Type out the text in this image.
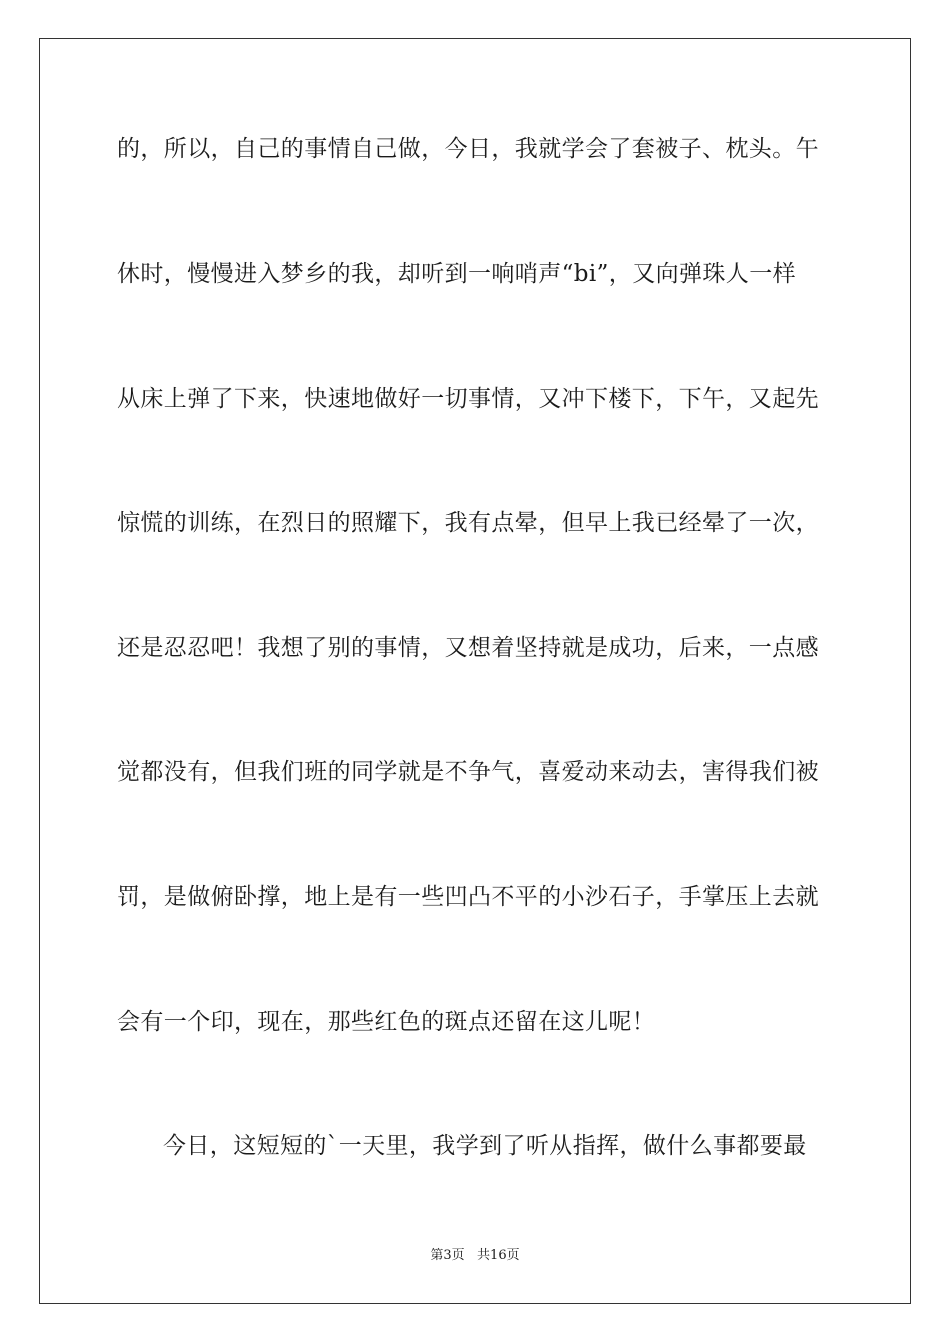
的，所以，自己的事情自己做，今日，我就学会了套被子、枕头。午
休时，慢慢进入梦乡的我，却听到一响哨声“bi”，又向弹珠人一样
从床上弹了下来，快速地做好一切事情，又冲下楼下，下午，又起先
惊慌的训练，在烈日的照耀下，我有点晕，但早上我已经晕了一次，
还是忍忍吧！我想了别的事情，又想着坚持就是成功，后来，一点感
觉都没有，但我们班的同学就是不争气，喜爱动来动去，害得我们被
罚，是做俯卧撑，地上是有一些凹凸不平的小沙石子，手掌压上去就
会有一个印，现在，那些红色的斑点还留在这儿呢！
今日，这短短的`一天里，我学到了听从指挥，做什么事都要最
第3页   共16页
